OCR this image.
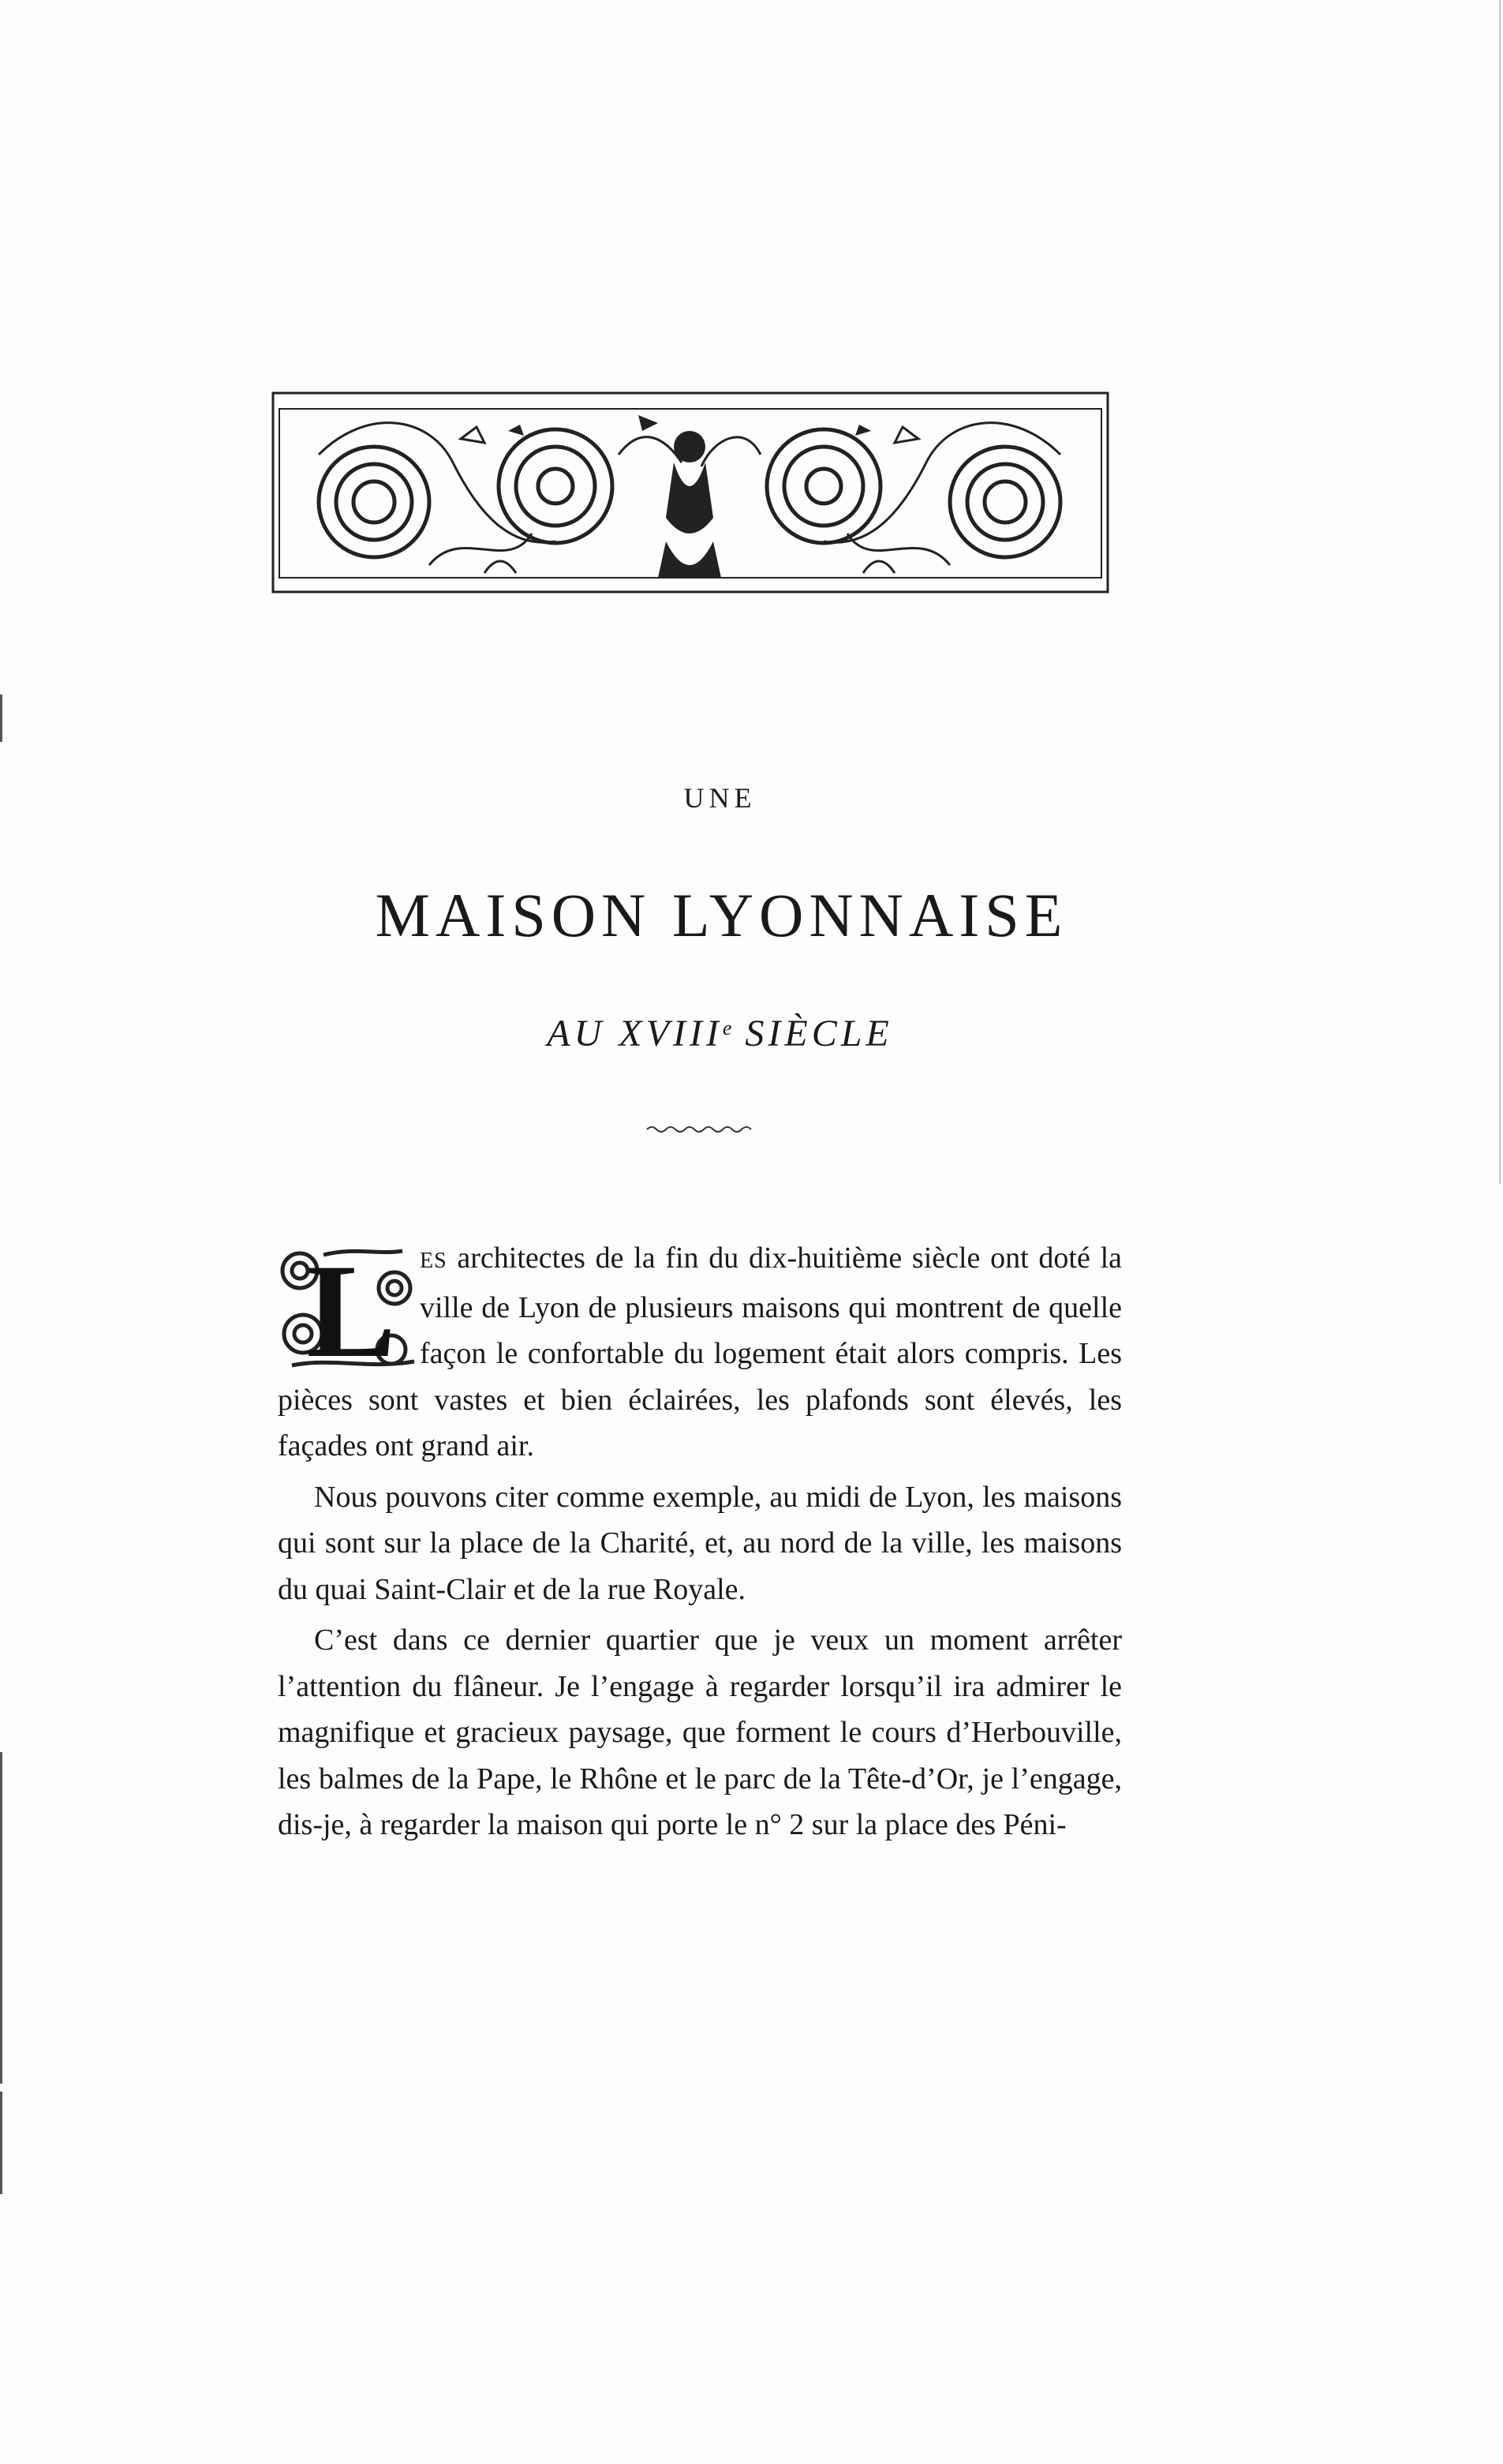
UNE
MAISON LYONNAISE
AU XVIIIe SIÈCLE
L	ES architectes de la fin du dix-huitième siècle ont doté la ville de Lyon de plusieurs maisons qui montrent de quelle façon le confortable du logement était alors compris. Les pièces sont vastes et bien éclairées, les plafonds sont élevés, les façades ont grand air.

Nous pouvons citer comme exemple, au midi de Lyon, les maisons qui sont sur la place de la Charité, et, au nord de la ville, les maisons du quai Saint-Clair et de la rue Royale.

C’est dans ce dernier quartier que je veux un moment arrêter l’attention du flâneur. Je l’engage à regarder lorsqu’il ira admirer le magnifique et gracieux paysage, que forment le cours d’Herbouville, les balmes de la Pape, le Rhône et le parc de la Tête-d’Or, je l’engage, dis-je, à regarder la maison qui porte le n° 2 sur la place des Péni-
